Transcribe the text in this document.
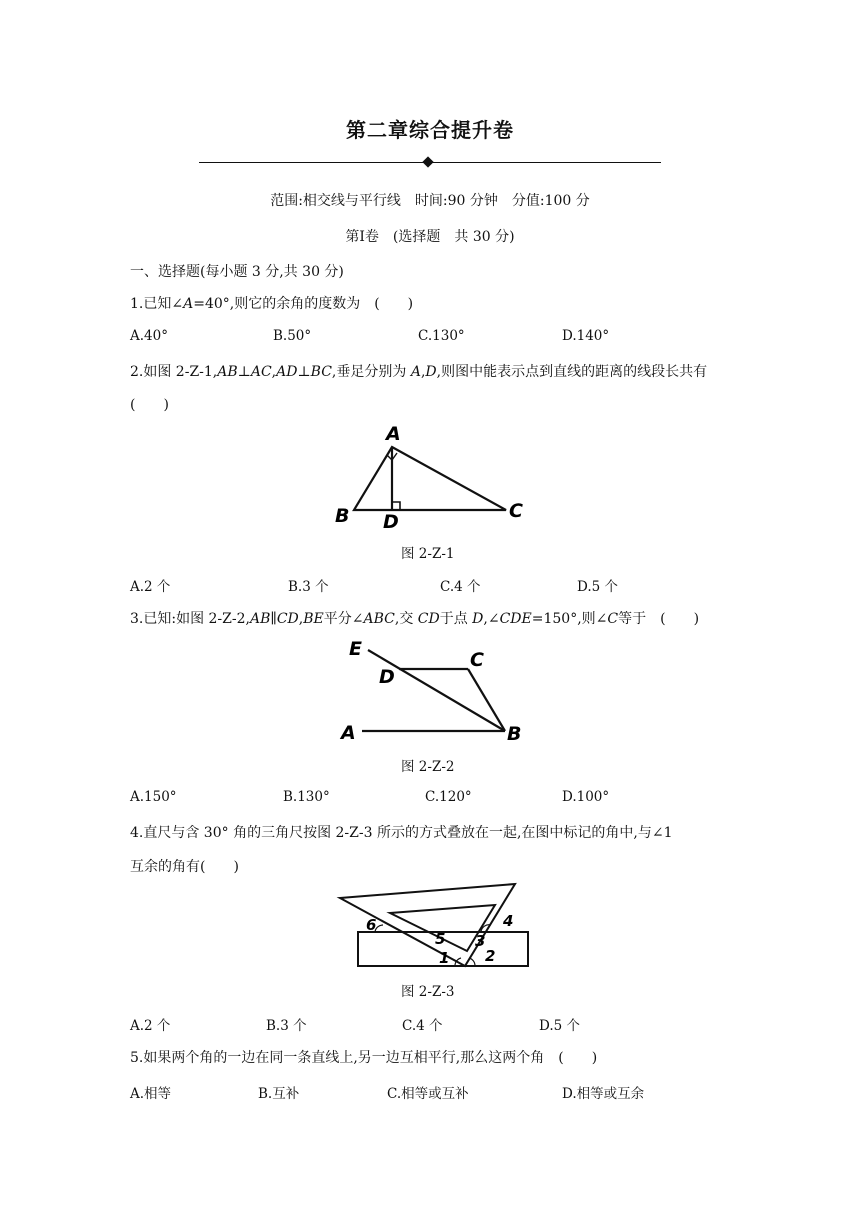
第二章综合提升卷
范围:相交线与平行线　时间:90 分钟　分值:100 分
第Ⅰ卷　(选择题　共 30 分)
一、选择题(每小题 3 分,共 30 分)
1.已知∠A=40°,则它的余角的度数为　(　　)
A.40°	B.50°	C.130°	D.140°
2.如图 2-Z-1,AB⊥AC,AD⊥BC,垂足分别为 A,D,则图中能表示点到直线的距离的线段长共有
(　　)
A
B D	C
图 2-Z-1
A.2 个	B.3 个	C.4 个	D.5 个
3.已知:如图 2-Z-2,AB∥CD,BE平分∠ABC,交 CD于点 D,∠CDE=150°,则∠C等于　(　　)
E
D
C
A	B
图 2-Z-2
A.150°	B.130°	C.120°	D.100°
4.直尺与含 30° 角的三角尺按图 2-Z-3 所示的方式叠放在一起,在图中标记的角中,与∠1
互余的角有(　　)
6
5 3
4
1 2
图 2-Z-3
A.2 个	B.3 个	C.4 个	D.5 个
5.如果两个角的一边在同一条直线上,另一边互相平行,那么这两个角　(　　)
A.相等	B.互补	C.相等或互补	D.相等或互余
